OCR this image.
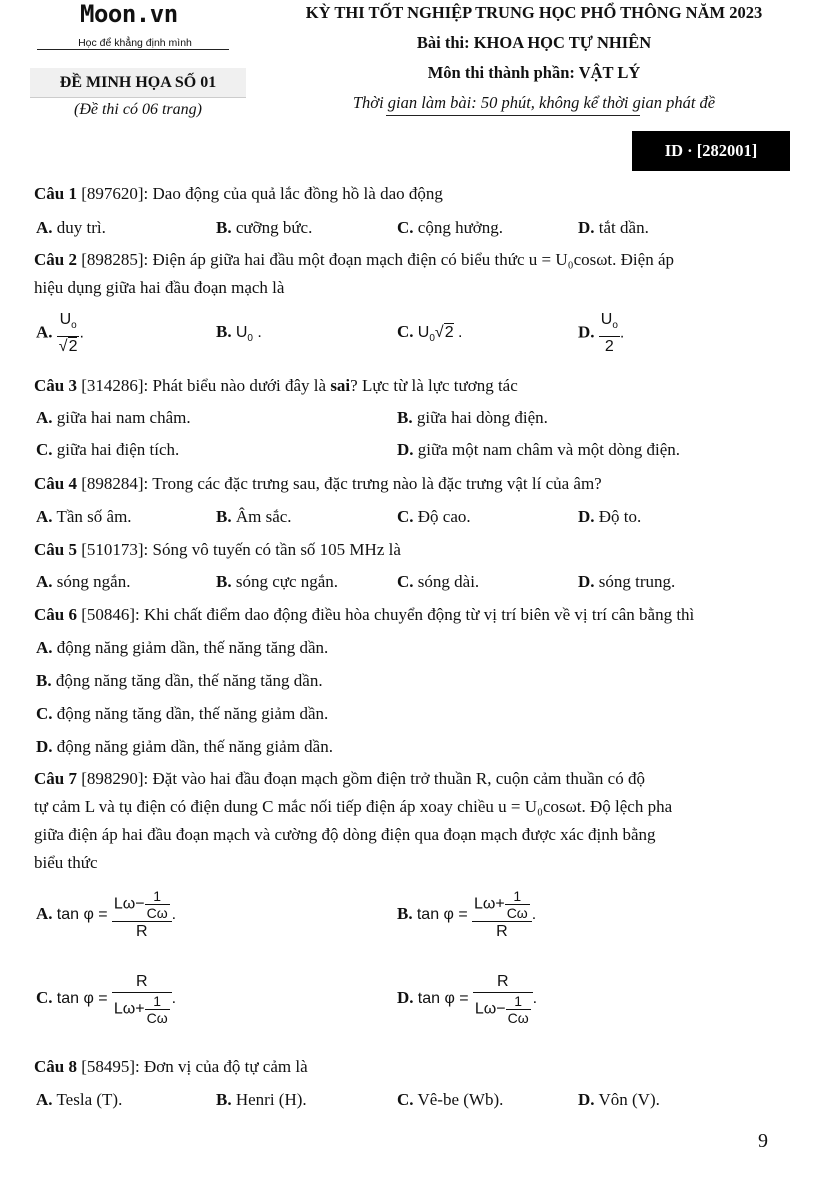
Moon.vn
Học để khẳng định mình
ĐỀ MINH HỌA SỐ 01
(Đề thi có 06 trang)
KỲ THI TỐT NGHIỆP TRUNG HỌC PHỔ THÔNG NĂM 2023
Bài thi: KHOA HỌC TỰ NHIÊN
Môn thi thành phần: VẬT LÝ
Thời gian làm bài: 50 phút, không kể thời gian phát đề
ID · [282001]
Câu 1 [897620]: Dao động của quả lắc đồng hồ là dao động
A. duy trì.	B. cưỡng bức.	C. cộng hưởng.	D. tắt dần.
Câu 2 [898285]: Điện áp giữa hai đầu một đoạn mạch điện có biểu thức u = U₀cosωt. Điện áp
hiệu dụng giữa hai đầu đoạn mạch là
A. $\frac{U_o}{√2}$ .	B. $U_0$ .	C. $U_0√2$ .	D. $\frac{U_o}{2}$ .
Câu 3 [314286]: Phát biểu nào dưới đây là sai? Lực từ là lực tương tác
A. giữa hai nam châm.	B. giữa hai dòng điện.
C. giữa hai điện tích.	D. giữa một nam châm và một dòng điện.
Câu 4 [898284]: Trong các đặc trưng sau, đặc trưng nào là đặc trưng vật lí của âm?
A. Tần số âm.	B. Âm sắc.	C. Độ cao.	D. Độ to.
Câu 5 [510173]: Sóng vô tuyến có tần số 105 MHz là
A. sóng ngắn.	B. sóng cực ngắn.	C. sóng dài.	D. sóng trung.
Câu 6 [50846]: Khi chất điểm dao động điều hòa chuyển động từ vị trí biên về vị trí cân bằng thì
A. động năng giảm dần, thế năng tăng dần.
B. động năng tăng dần, thế năng tăng dần.
C. động năng tăng dần, thế năng giảm dần.
D. động năng giảm dần, thế năng giảm dần.
Câu 7 [898290]: Đặt vào hai đầu đoạn mạch gồm điện trở thuần R, cuộn cảm thuần có độ
tự cảm L và tụ điện có điện dung C mắc nối tiếp điện áp xoay chiều u = U₀cosωt. Độ lệch pha
giữa điện áp hai đầu đoạn mạch và cường độ dòng điện qua đoạn mạch được xác định bằng
biểu thức
A. $\tan \varphi = \frac{L\omega- \frac{1}{C\omega}}{R}$ .	B. $\tan \varphi = \frac{L\omega+ \frac{1}{C\omega}}{R}$ .
C. $\tan \varphi = \frac{R}{L\omega+ \frac{1}{C\omega}}$ .	D. $\tan \varphi = \frac{R}{L\omega- \frac{1}{C\omega}}$ .
Câu 8 [58495]: Đơn vị của độ tự cảm là
A. Tesla (T).	B. Henri (H).	C. Vê-be (Wb).	D. Vôn (V).
9
